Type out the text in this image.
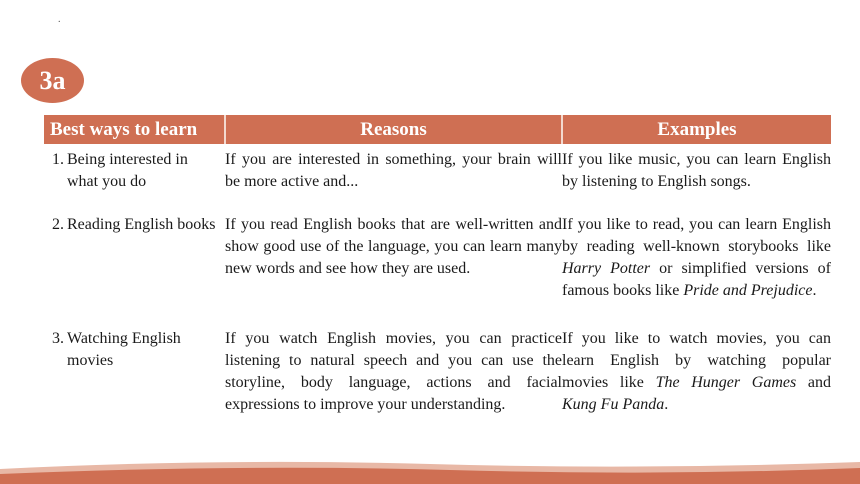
.
3a
Best ways to learn	Reasons	Examples

1. Being interested in what you do	If you are interested in something, your brain will be more active and...	If you like music, you can learn English by listening to English songs.

2. Reading English books	If you read English books that are well-written and show good use of the language, you can learn many new words and see how they are used.	If you like to read, you can learn English by reading well-known storybooks like Harry Potter or simplified versions of famous books like Pride and Prejudice.

3. Watching English movies	If you watch English movies, you can practice listening to natural speech and you can use the storyline, body language, actions and facial expressions to improve your understanding.	If you like to watch movies, you can learn English by watching popular movies like The Hunger Games and Kung Fu Panda.
